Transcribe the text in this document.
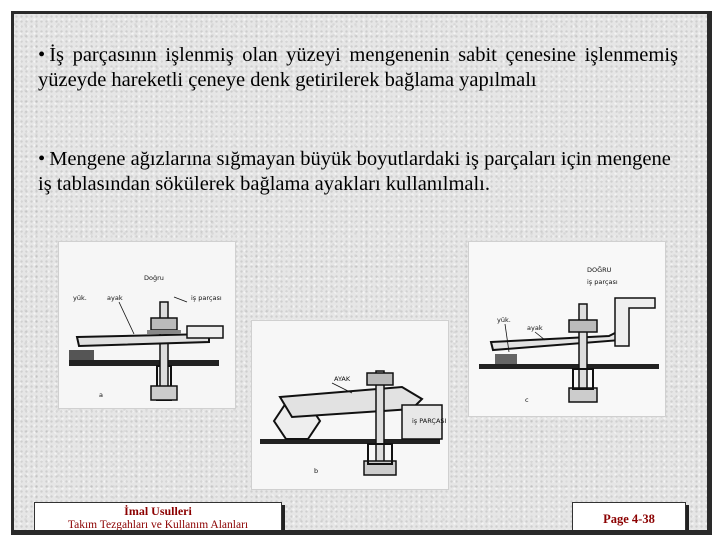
• İş parçasının işlenmiş olan yüzeyi mengenenin sabit çenesine işlenmemiş yüzeyde hareketli çeneye denk getirilerek bağlama yapılmalı
• Mengene ağızlarına sığmayan büyük boyutlardaki iş parçaları için mengene iş tablasından sökülerek bağlama ayakları kullanılmalı.
Doğru
iş parçası
ayak
yük.
a
AYAK
iş PARÇASI
b
DOĞRU
iş parçası
yük.
ayak
c
İmal Usulleri
Takım Tezgahları ve Kullanım Alanları	Page 4-38
